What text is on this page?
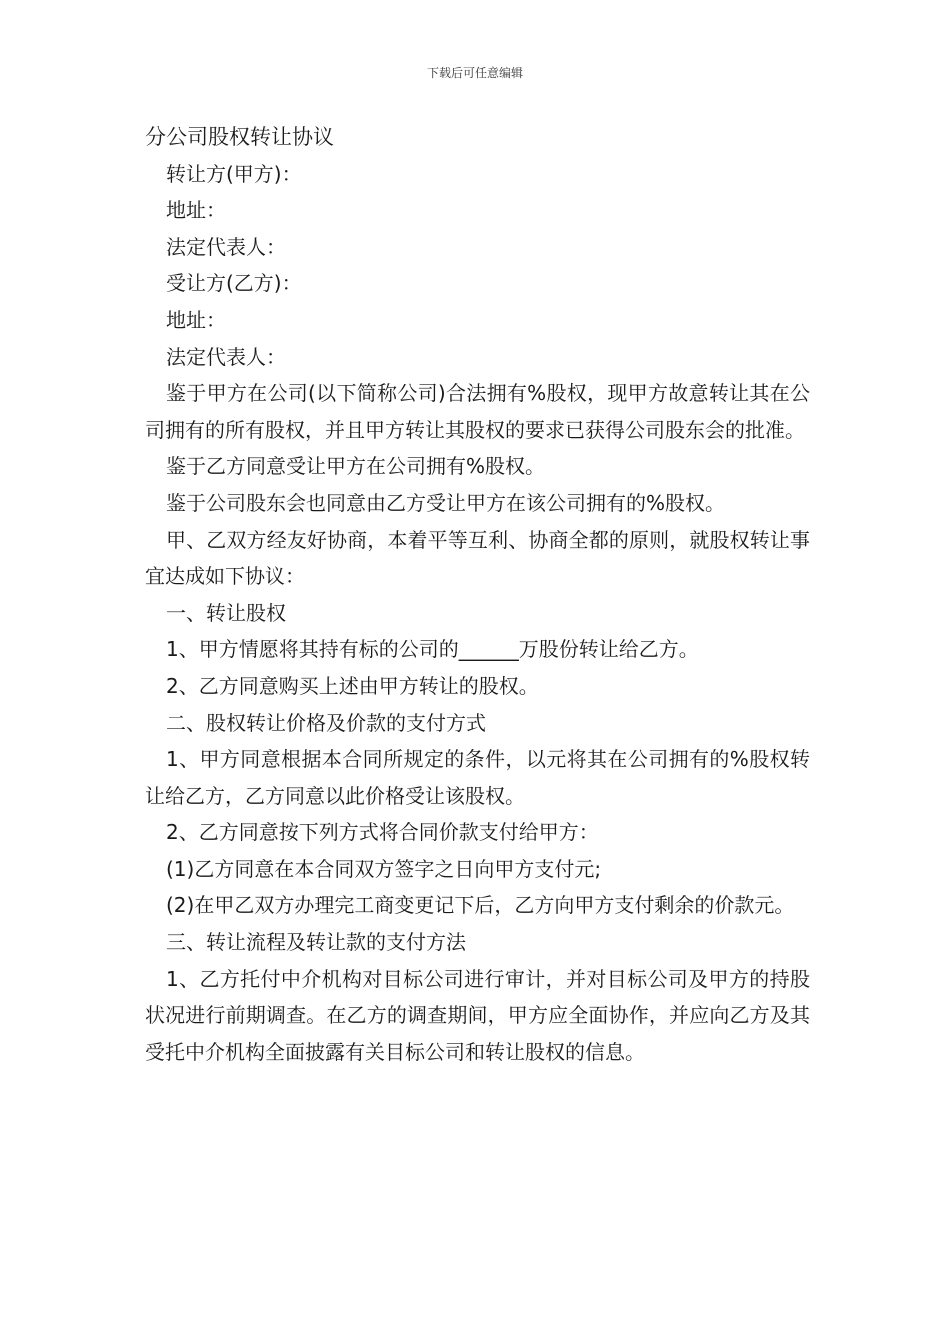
下载后可任意编辑

分公司股权转让协议

转让方(甲方)：

地址：

法定代表人：

受让方(乙方)：

地址：

法定代表人：

鉴于甲方在公司(以下简称公司)合法拥有%股权，现甲方故意转让其在公司拥有的所有股权，并且甲方转让其股权的要求已获得公司股东会的批准。

鉴于乙方同意受让甲方在公司拥有%股权。

鉴于公司股东会也同意由乙方受让甲方在该公司拥有的%股权。

甲、乙双方经友好协商，本着平等互利、协商全都的原则，就股权转让事宜达成如下协议：

一、转让股权

1、甲方情愿将其持有标的公司的______万股份转让给乙方。

2、乙方同意购买上述由甲方转让的股权。

二、股权转让价格及价款的支付方式

1、甲方同意根据本合同所规定的条件，以元将其在公司拥有的%股权转让给乙方，乙方同意以此价格受让该股权。

2、乙方同意按下列方式将合同价款支付给甲方：

(1)乙方同意在本合同双方签字之日向甲方支付元;

(2)在甲乙双方办理完工商变更记下后，乙方向甲方支付剩余的价款元。

三、转让流程及转让款的支付方法

1、乙方托付中介机构对目标公司进行审计，并对目标公司及甲方的持股状况进行前期调查。在乙方的调查期间，甲方应全面协作，并应向乙方及其受托中介机构全面披露有关目标公司和转让股权的信息。
